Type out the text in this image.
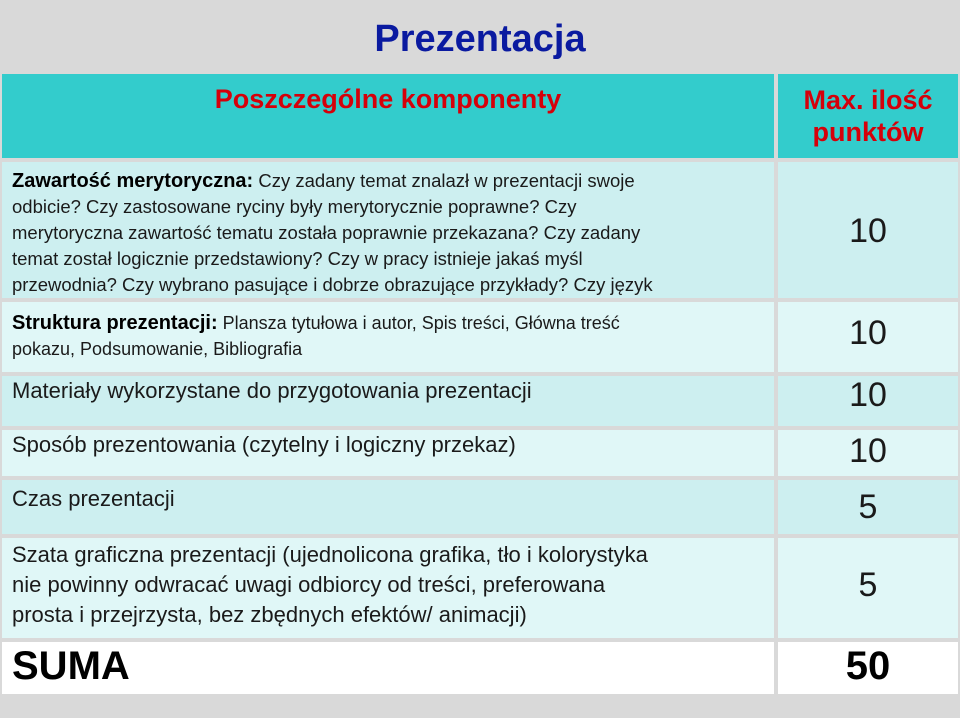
Prezentacja
Poszczególne komponenty	Max. ilość
punktów
Zawartość merytoryczna: Czy zadany temat znalazł w prezentacji swoje
odbicie? Czy zastosowane ryciny były merytorycznie poprawne? Czy
merytoryczna zawartość tematu została poprawnie przekazana? Czy zadany
temat został logicznie przedstawiony? Czy w pracy istnieje jakaś myśl
przewodnia? Czy wybrano pasujące i dobrze obrazujące przykłady? Czy język
10
Struktura prezentacji: Plansza tytułowa i autor, Spis treści, Główna treść
pokazu, Podsumowanie, Bibliografia	10
Materiały wykorzystane do przygotowania prezentacji	10
Sposób prezentowania (czytelny i logiczny przekaz)	10
Czas prezentacji	5
Szata graficzna prezentacji (ujednolicona grafika, tło i kolorystyka
nie powinny odwracać uwagi odbiorcy od treści, preferowana
prosta i przejrzysta, bez zbędnych efektów/ animacji)
5
SUMA	50
